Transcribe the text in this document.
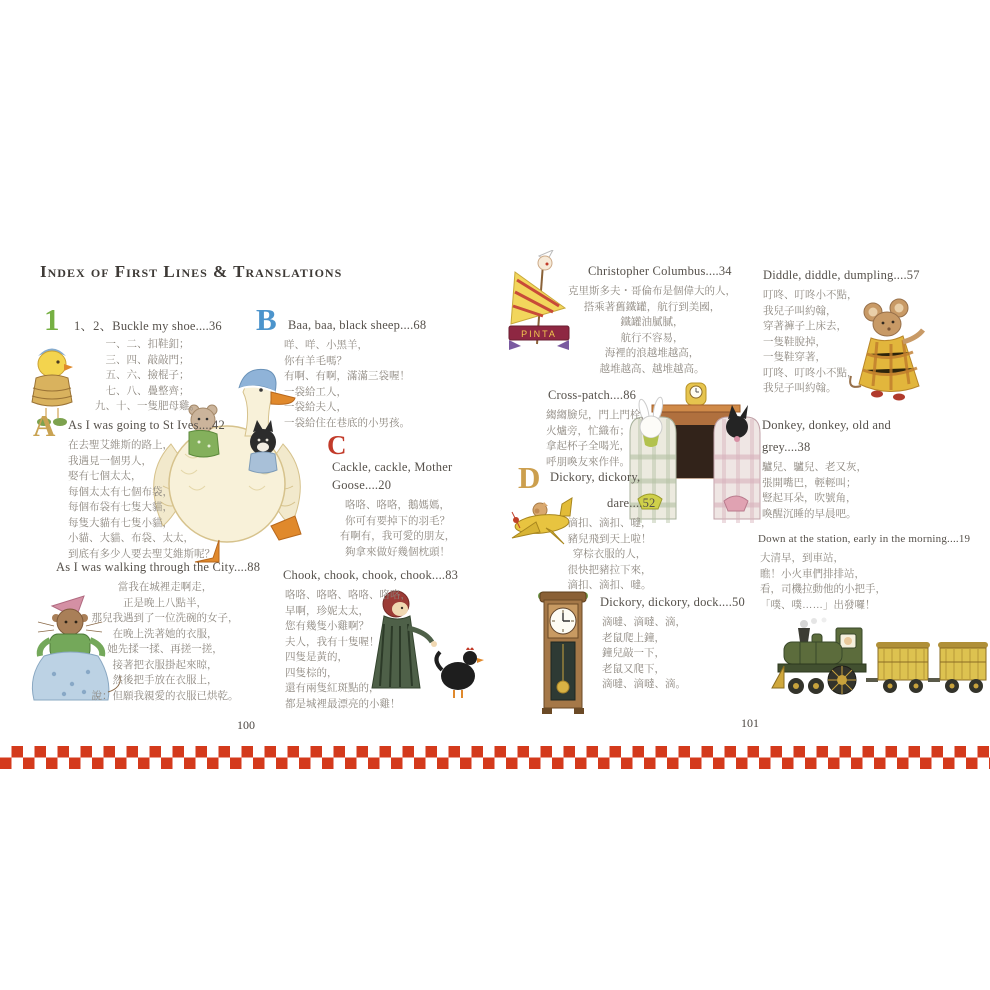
Index of First Lines & Translations
1 1、2、Buckle my shoe....36
一、二、扣鞋釦；
三、四、敲敲門；
五、六、撿棍子；
七、八、疊整齊；
九、十、一隻肥母雞。
A As I was going to St Ives....42
在去聖艾維斯的路上，
我遇見一個男人，
娶有七個太太，
每個太太有七個布袋，
每個布袋有七隻大貓，
每隻大貓有七隻小貓，
小貓、大貓、布袋、太太，
到底有多少人要去聖艾維斯呢？
As I was walking through the City....88
當我在城裡走啊走，
正是晚上八點半，
那兒我遇到了一位洗碗的女子，
在晚上洗著她的衣服，
她先揉一揉、再搓一搓，
接著把衣服掛起來晾，
然後把手放在衣服上，
說：但願我親愛的衣服已烘乾。
B Baa, baa, black sheep....68
咩、咩、小黑羊，
你有羊毛嗎？
有啊、有啊，滿滿三袋喔！
一袋給工人，
一袋給夫人，
一袋給住在巷底的小男孩。
C
Cackle, cackle, Mother
Goose....20
咯咯、咯咯，鵝媽媽，
你可有要掉下的羽毛？
有啊有，我可愛的朋友，
夠拿來做好幾個枕頭！
Chook, chook, chook, chook....83
咯咯、咯咯、咯咯、咯咯，
早啊，珍妮太太，
您有幾隻小雞啊？
夫人，我有十隻喔！
四隻是黃的，
四隻棕的，
還有兩隻紅斑點的，
都是城裡最漂亮的小雞！
100
PINTA
Christopher Columbus....34
克里斯多夫・哥倫布是個偉大的人，
搭乘著舊鐵罐，航行到美國，
鐵罐油膩膩，
航行不容易，
海裡的浪越堆越高，
越堆越高、越堆越高。
Diddle, diddle, dumpling....57
叮咚、叮咚小不點，
我兒子叫約翰，
穿著褲子上床去，
一隻鞋脫掉，
一隻鞋穿著，
叮咚、叮咚小不點，
我兒子叫約翰。
Cross-patch....86
縐縐臉兒，門上門栓，
火爐旁，忙織布；
拿起杯子全喝光，
呼朋喚友來作伴。
D Dickory, dickory,
dare....52
滴扣、滴扣、噠，
豬兒飛到天上啦！
穿棕衣服的人，
很快把豬拉下來，
滴扣、滴扣、噠。
Donkey, donkey, old and
grey....38
驢兒、驢兒、老又灰，
張開嘴巴，輕輕叫；
豎起耳朵，吹號角，
喚醒沉睡的早晨吧。
Down at the station, early in the morning....19
大清早，到車站，
瞧！小火車們排排站，
看，司機拉動他的小把手，
「噗、噗……」出發囉！
Dickory, dickory, dock....50
滴噠、滴噠、滴，
老鼠爬上鐘，
鐘兒敲一下，
老鼠又爬下，
滴噠、滴噠、滴。
101
